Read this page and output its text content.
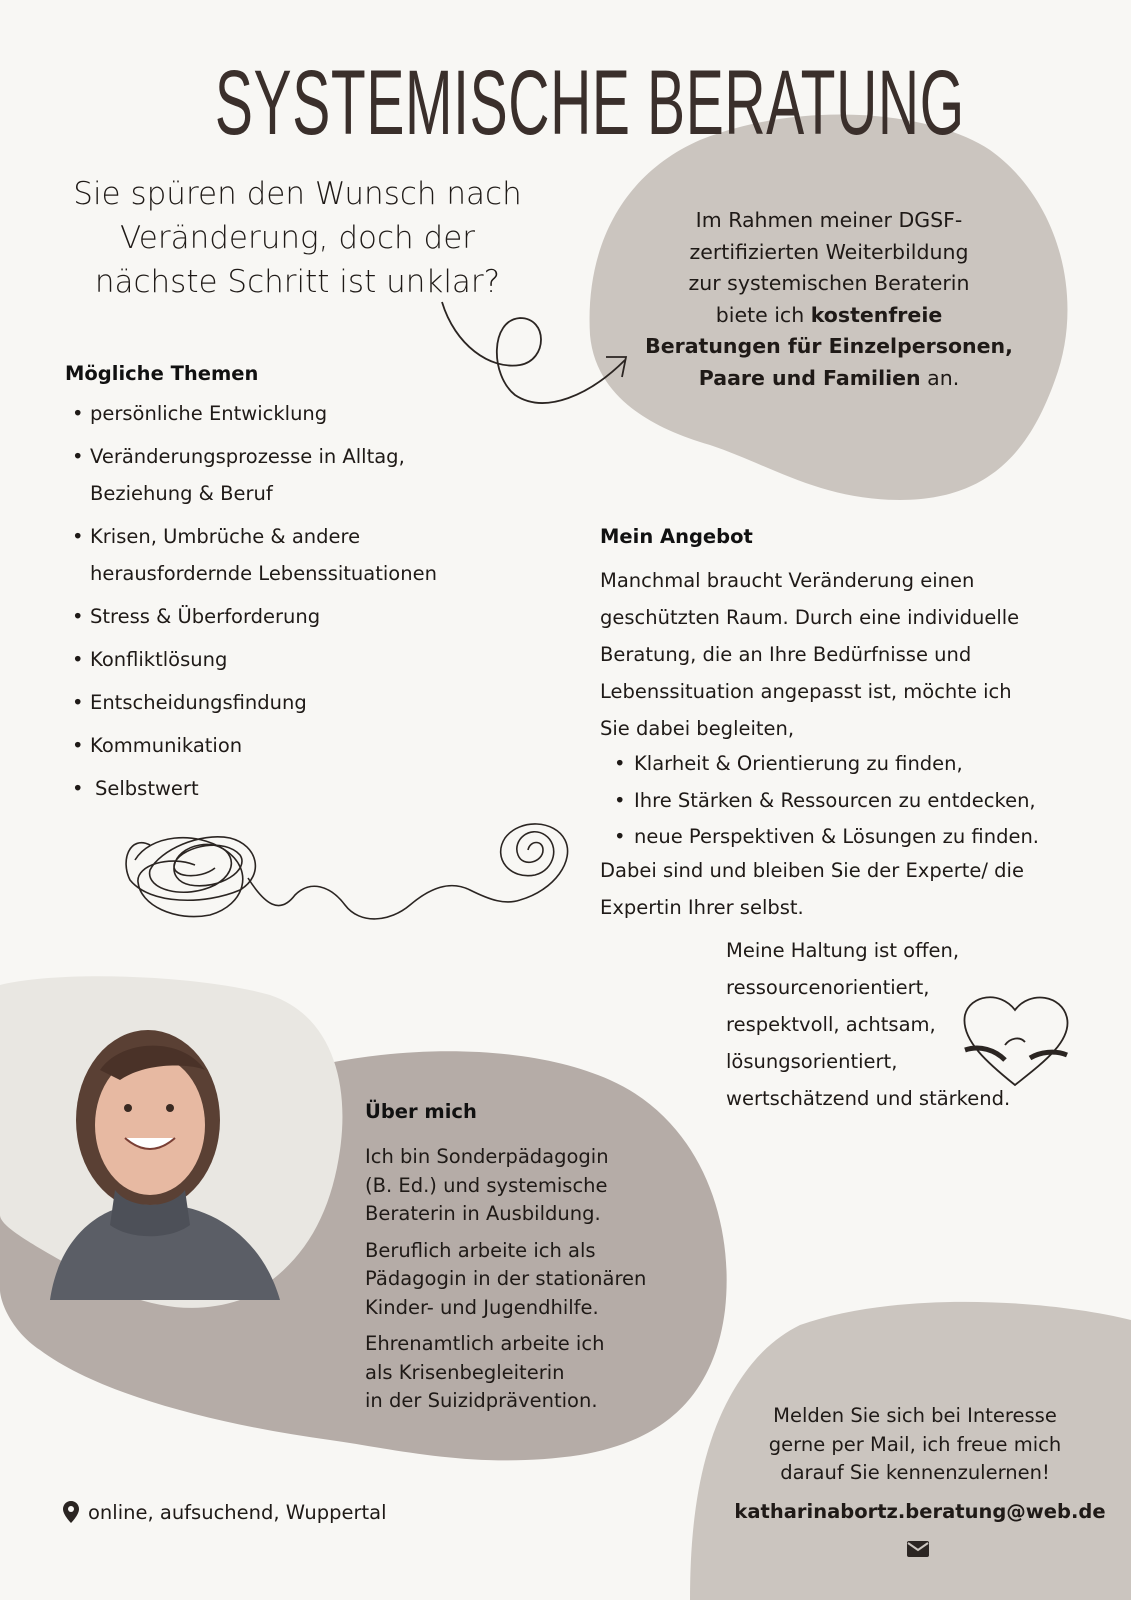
SYSTEMISCHE BERATUNG
Sie spüren den Wunsch nach
Veränderung, doch der
nächste Schritt ist unklar?
Im Rahmen meiner DGSF-
zertifizierten Weiterbildung
zur systemischen Beraterin
biete ich kostenfreie
Beratungen für Einzelpersonen,
Paare und Familien an.
Mögliche Themen
• persönliche Entwicklung
• Veränderungsprozesse in Alltag,
Beziehung & Beruf
• Krisen, Umbrüche & andere
herausfordernde Lebenssituationen
• Stress & Überforderung
• Konfliktlösung
• Entscheidungsfindung
• Kommunikation
• Selbstwert
Mein Angebot
Manchmal braucht Veränderung einen
geschützten Raum. Durch eine individuelle
Beratung, die an Ihre Bedürfnisse und
Lebenssituation angepasst ist, möchte ich
Sie dabei begleiten,
• Klarheit & Orientierung zu finden,
• Ihre Stärken & Ressourcen zu entdecken,
• neue Perspektiven & Lösungen zu finden.
Dabei sind und bleiben Sie der Experte/ die
Expertin Ihrer selbst.
Meine Haltung ist offen,
ressourcenorientiert,
respektvoll, achtsam,
lösungsorientiert,
wertschätzend und stärkend.
Über mich

Ich bin Sonderpädagogin
(B. Ed.) und systemische
Beraterin in Ausbildung.

Beruflich arbeite ich als
Pädagogin in der stationären
Kinder- und Jugendhilfe.

Ehrenamtlich arbeite ich
als Krisenbegleiterin
in der Suizidprävention.

Melden Sie sich bei Interesse
gerne per Mail, ich freue mich
darauf Sie kennenzulernen!
katharinabortz.beratung@web.de
online, aufsuchend, Wuppertal
